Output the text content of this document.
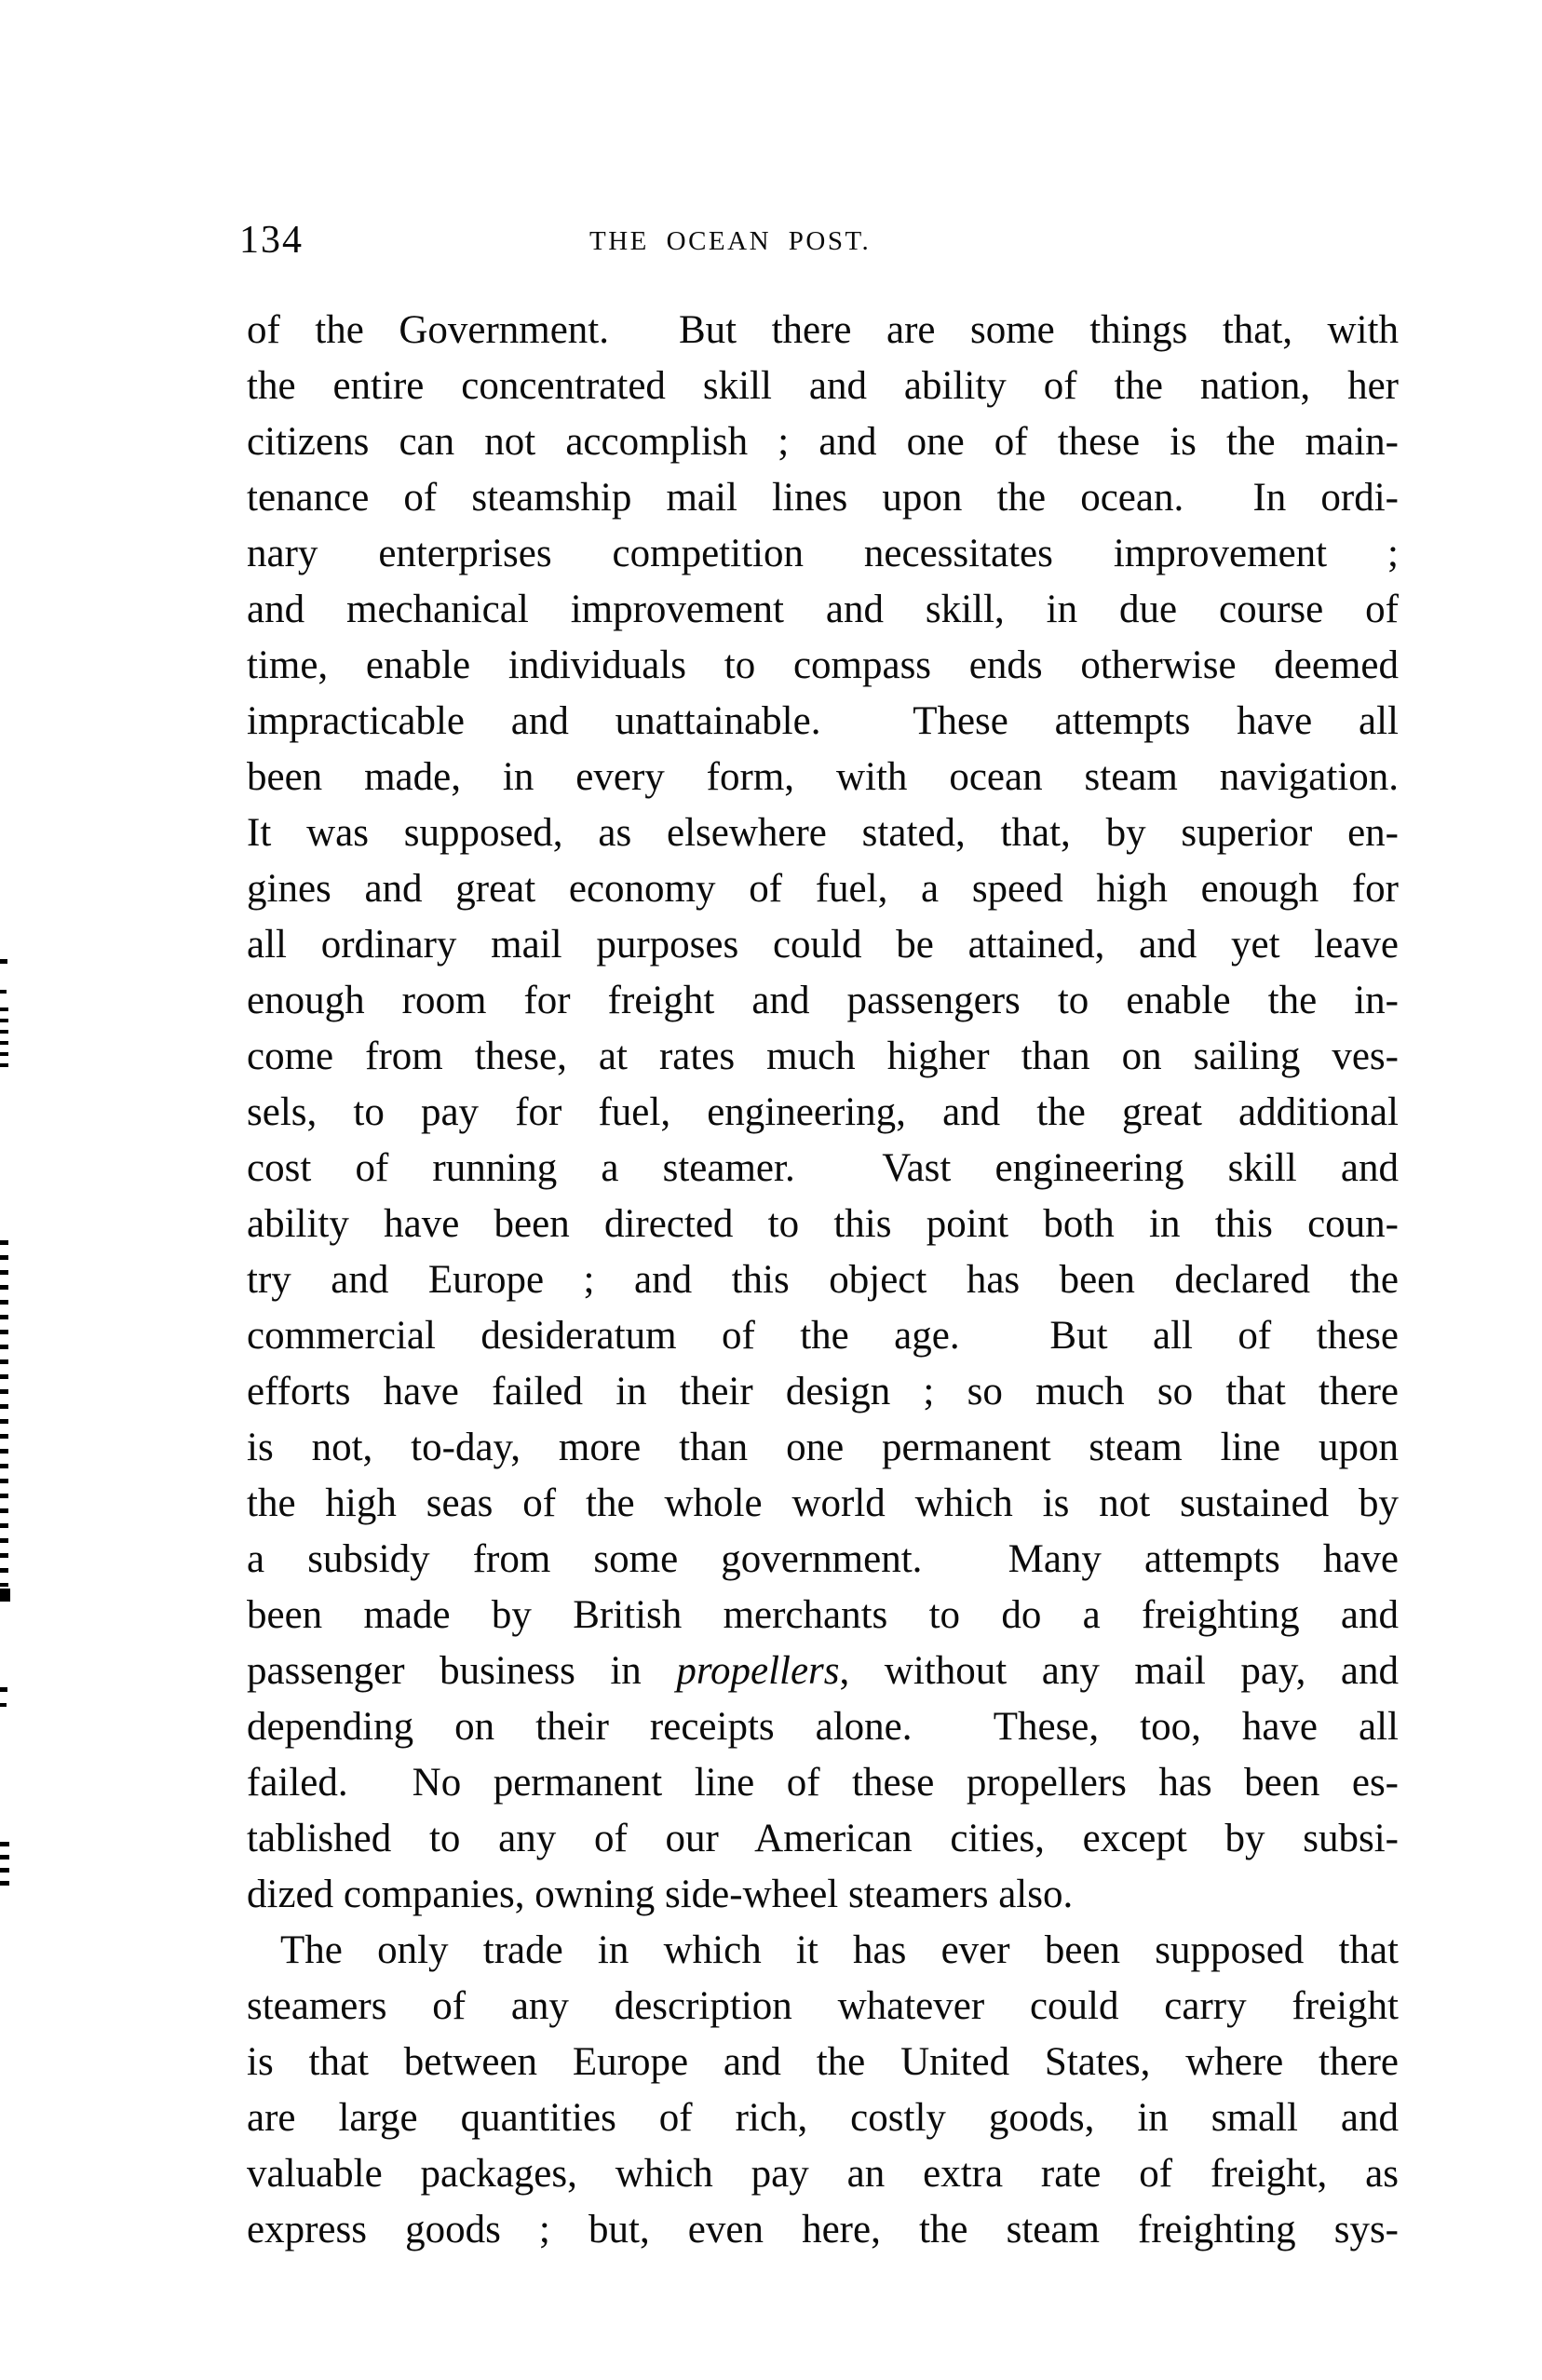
134	THE OCEAN POST.
of the Government.  But there are some things that, with
the entire concentrated skill and ability of the nation, her
citizens can not accomplish ; and one of these is the main-
tenance of steamship mail lines upon the ocean.  In ordi-
nary enterprises competition necessitates improvement ;
and mechanical improvement and skill, in due course of
time, enable individuals to compass ends otherwise deemed
impracticable and unattainable.  These attempts have all
been made, in every form, with ocean steam navigation.
It was supposed, as elsewhere stated, that, by superior en-
gines and great economy of fuel, a speed high enough for
all ordinary mail purposes could be attained, and yet leave
enough room for freight and passengers to enable the in-
come from these, at rates much higher than on sailing ves-
sels, to pay for fuel, engineering, and the great additional
cost of running a steamer.  Vast engineering skill and
ability have been directed to this point both in this coun-
try and Europe ; and this object has been declared the
commercial desideratum of the age.  But all of these
efforts have failed in their design ; so much so that there
is not, to-day, more than one permanent steam line upon
the high seas of the whole world which is not sustained by
a subsidy from some government.  Many attempts have
been made by British merchants to do a freighting and
passenger business in propellers, without any mail pay, and
depending on their receipts alone.  These, too, have all
failed.  No permanent line of these propellers has been es-
tablished to any of our American cities, except by subsi-
dized companies, owning side-wheel steamers also.
The only trade in which it has ever been supposed that
steamers of any description whatever could carry freight
is that between Europe and the United States, where there
are large quantities of rich, costly goods, in small and
valuable packages, which pay an extra rate of freight, as
express goods ; but, even here, the steam freighting sys-
